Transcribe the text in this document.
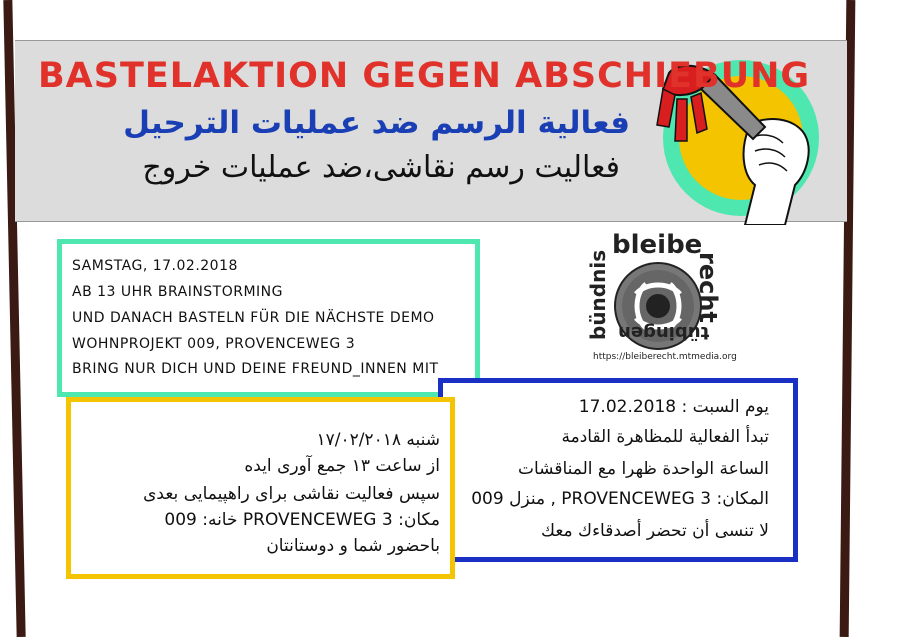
BASTELAKTION GEGEN ABSCHIEBUNG
فعالية الرسم ضد عمليات الترحيل
فعالیت رسم نقاشی،ضد عملیات خروج
bleibe
recht
bündnis tübingen
https://bleiberecht.mtmedia.org
SAMSTAG, 17.02.2018
AB 13 UHR BRAINSTORMING
UND DANACH BASTELN FÜR DIE NÄCHSTE DEMO
WOHNPROJEKT 009, PROVENCEWEG 3
BRING NUR DICH UND DEINE FREUND_INNEN MIT
يوم السبت : 17.02.2018
تبدأ الفعالية للمظاهرة القادمة
الساعة الواحدة ظهرا مع المناقشات
المكان: PROVENCEWEG 3 , منزل 009
لا تنسى أن تحضر أصدقاءك معك
شنبه ۱۷/۰۲/۲۰۱۸
از ساعت ۱۳ جمع آوری ایده
سپس فعالیت نقاشی برای راهپیمایی بعدی
مکان: PROVENCEWEG 3 خانه: 009
باحضور شما و دوستانتان
